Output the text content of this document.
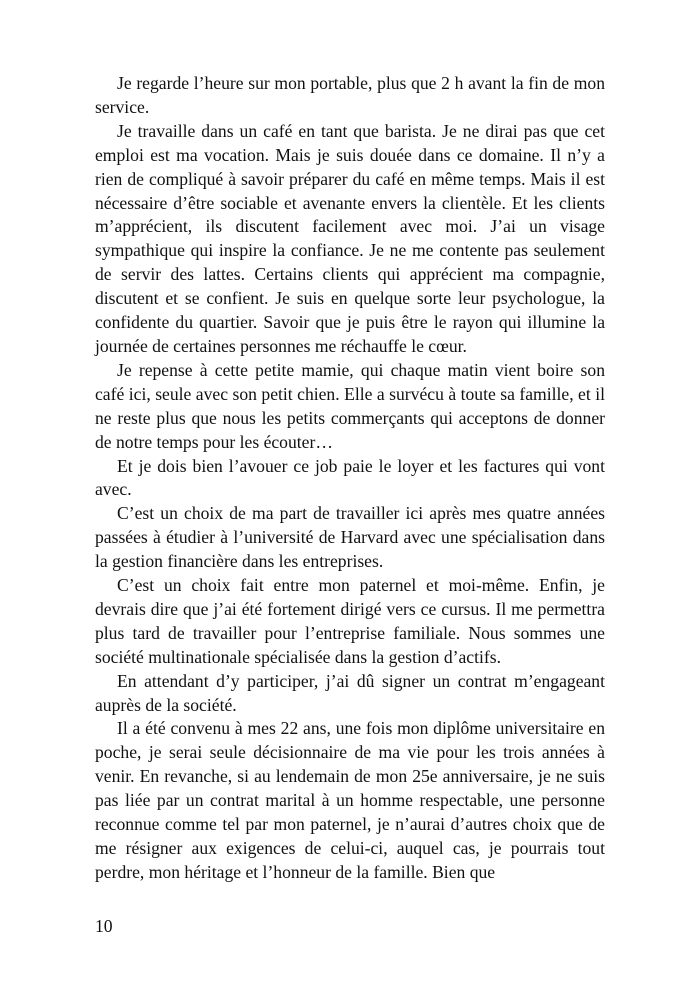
Je regarde l’heure sur mon portable, plus que 2 h avant la fin de mon service.

Je travaille dans un café en tant que barista. Je ne dirai pas que cet emploi est ma vocation. Mais je suis douée dans ce domaine. Il n’y a rien de compliqué à savoir préparer du café en même temps. Mais il est nécessaire d’être sociable et avenante envers la clientèle. Et les clients m’apprécient, ils discutent facilement avec moi. J’ai un visage sympathique qui inspire la confiance. Je ne me contente pas seulement de servir des lattes. Certains clients qui apprécient ma compagnie, discutent et se confient. Je suis en quelque sorte leur psychologue, la confidente du quartier. Savoir que je puis être le rayon qui illumine la journée de certaines personnes me réchauffe le cœur.

Je repense à cette petite mamie, qui chaque matin vient boire son café ici, seule avec son petit chien. Elle a survécu à toute sa famille, et il ne reste plus que nous les petits commerçants qui acceptons de donner de notre temps pour les écouter…

Et je dois bien l’avouer ce job paie le loyer et les factures qui vont avec.

C’est un choix de ma part de travailler ici après mes quatre années passées à étudier à l’université de Harvard avec une spécialisation dans la gestion financière dans les entreprises.

C’est un choix fait entre mon paternel et moi-même. Enfin, je devrais dire que j’ai été fortement dirigé vers ce cursus. Il me permettra plus tard de travailler pour l’entreprise familiale. Nous sommes une société multinationale spécialisée dans la gestion d’actifs.

En attendant d’y participer, j’ai dû signer un contrat m’engageant auprès de la société.

Il a été convenu à mes 22 ans, une fois mon diplôme universitaire en poche, je serai seule décisionnaire de ma vie pour les trois années à venir. En revanche, si au lendemain de mon 25e anniversaire, je ne suis pas liée par un contrat marital à un homme respectable, une personne reconnue comme tel par mon paternel, je n’aurai d’autres choix que de me résigner aux exigences de celui-ci, auquel cas, je pourrais tout perdre, mon héritage et l’honneur de la famille. Bien que

10
